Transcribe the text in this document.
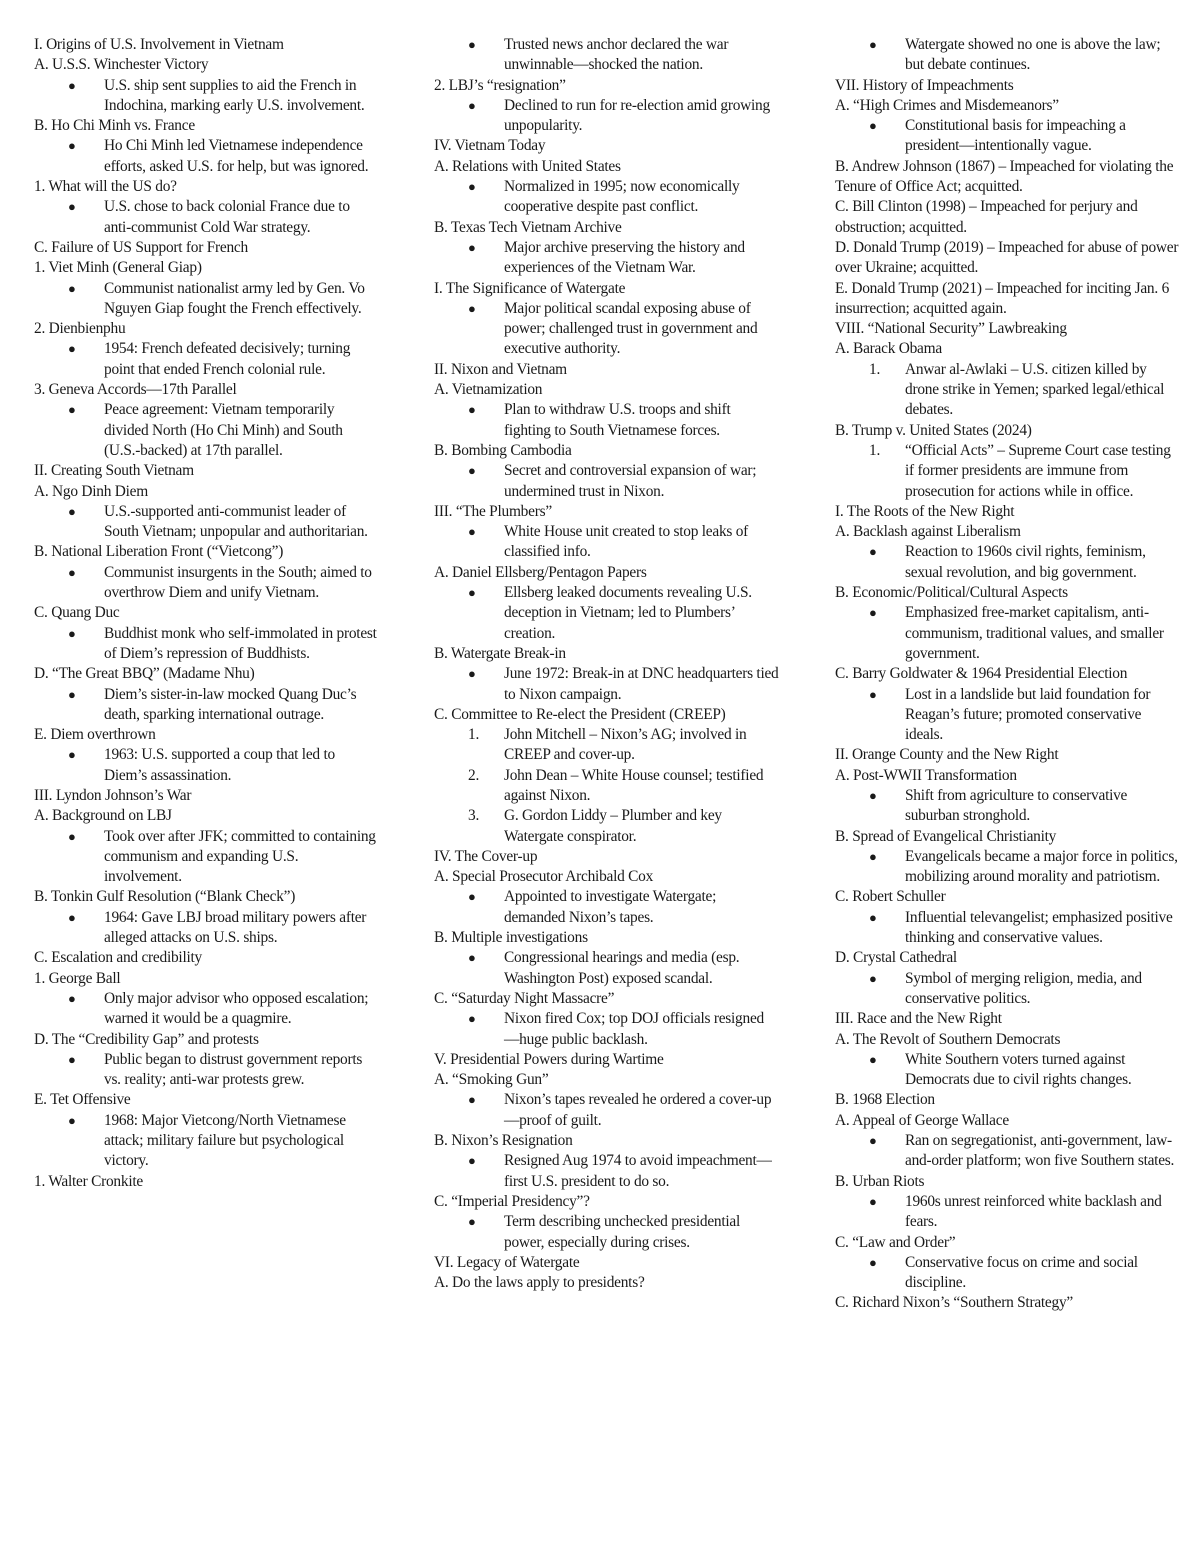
I. Origins of U.S. Involvement in Vietnam
A. U.S.S. Winchester Victory
● U.S. ship sent supplies to aid the French in Indochina, marking early U.S. involvement.
B. Ho Chi Minh vs. France
● Ho Chi Minh led Vietnamese independence efforts, asked U.S. for help, but was ignored.
1. What will the US do?
● U.S. chose to back colonial France due to anti-communist Cold War strategy.
C. Failure of US Support for French
1. Viet Minh (General Giap)
● Communist nationalist army led by Gen. Vo Nguyen Giap fought the French effectively.
2. Dienbienphu
● 1954: French defeated decisively; turning point that ended French colonial rule.
3. Geneva Accords—17th Parallel
● Peace agreement: Vietnam temporarily divided North (Ho Chi Minh) and South (U.S.-backed) at 17th parallel.
II. Creating South Vietnam
A. Ngo Dinh Diem
● U.S.-supported anti-communist leader of South Vietnam; unpopular and authoritarian.
B. National Liberation Front (“Vietcong”)
● Communist insurgents in the South; aimed to overthrow Diem and unify Vietnam.
C. Quang Duc
● Buddhist monk who self-immolated in protest of Diem’s repression of Buddhists.
D. “The Great BBQ” (Madame Nhu)
● Diem’s sister-in-law mocked Quang Duc’s death, sparking international outrage.
E. Diem overthrown
● 1963: U.S. supported a coup that led to Diem’s assassination.
III. Lyndon Johnson’s War
A. Background on LBJ
● Took over after JFK; committed to containing communism and expanding U.S. involvement.
B. Tonkin Gulf Resolution (“Blank Check”)
● 1964: Gave LBJ broad military powers after alleged attacks on U.S. ships.
C. Escalation and credibility
1. George Ball
● Only major advisor who opposed escalation; warned it would be a quagmire.
D. The “Credibility Gap” and protests
● Public began to distrust government reports vs. reality; anti-war protests grew.
E. Tet Offensive
● 1968: Major Vietcong/North Vietnamese attack; military failure but psychological victory.
1. Walter Cronkite
● Trusted news anchor declared the war unwinnable—shocked the nation.
2. LBJ’s “resignation”
● Declined to run for re-election amid growing unpopularity.
IV. Vietnam Today
A. Relations with United States
● Normalized in 1995; now economically cooperative despite past conflict.
B. Texas Tech Vietnam Archive
● Major archive preserving the history and experiences of the Vietnam War.
I. The Significance of Watergate
● Major political scandal exposing abuse of power; challenged trust in government and executive authority.
II. Nixon and Vietnam
A. Vietnamization
● Plan to withdraw U.S. troops and shift fighting to South Vietnamese forces.
B. Bombing Cambodia
● Secret and controversial expansion of war; undermined trust in Nixon.
III. “The Plumbers”
● White House unit created to stop leaks of classified info.
A. Daniel Ellsberg/Pentagon Papers
● Ellsberg leaked documents revealing U.S. deception in Vietnam; led to Plumbers’ creation.
B. Watergate Break-in
● June 1972: Break-in at DNC headquarters tied to Nixon campaign.
C. Committee to Re-elect the President (CREEP)
1. John Mitchell – Nixon’s AG; involved in CREEP and cover-up.
2. John Dean – White House counsel; testified against Nixon.
3. G. Gordon Liddy – Plumber and key Watergate conspirator.
IV. The Cover-up
A. Special Prosecutor Archibald Cox
● Appointed to investigate Watergate; demanded Nixon’s tapes.
B. Multiple investigations
● Congressional hearings and media (esp. Washington Post) exposed scandal.
C. “Saturday Night Massacre”
● Nixon fired Cox; top DOJ officials resigned—huge public backlash.
V. Presidential Powers during Wartime
A. “Smoking Gun”
● Nixon’s tapes revealed he ordered a cover-up—proof of guilt.
B. Nixon’s Resignation
● Resigned Aug 1974 to avoid impeachment—first U.S. president to do so.
C. “Imperial Presidency”?
● Term describing unchecked presidential power, especially during crises.
VI. Legacy of Watergate
A. Do the laws apply to presidents?
● Watergate showed no one is above the law; but debate continues.
VII. History of Impeachments
A. “High Crimes and Misdemeanors”
● Constitutional basis for impeaching a president—intentionally vague.
B. Andrew Johnson (1867) – Impeached for violating the Tenure of Office Act; acquitted.
C. Bill Clinton (1998) – Impeached for perjury and obstruction; acquitted.
D. Donald Trump (2019) – Impeached for abuse of power over Ukraine; acquitted.
E. Donald Trump (2021) – Impeached for inciting Jan. 6 insurrection; acquitted again.
VIII. “National Security” Lawbreaking
A. Barack Obama
1. Anwar al-Awlaki – U.S. citizen killed by drone strike in Yemen; sparked legal/ethical debates.
B. Trump v. United States (2024)
1. “Official Acts” – Supreme Court case testing if former presidents are immune from prosecution for actions while in office.
I. The Roots of the New Right
A. Backlash against Liberalism
● Reaction to 1960s civil rights, feminism, sexual revolution, and big government.
B. Economic/Political/Cultural Aspects
● Emphasized free-market capitalism, anti-communism, traditional values, and smaller government.
C. Barry Goldwater & 1964 Presidential Election
● Lost in a landslide but laid foundation for Reagan’s future; promoted conservative ideals.
II. Orange County and the New Right
A. Post-WWII Transformation
● Shift from agriculture to conservative suburban stronghold.
B. Spread of Evangelical Christianity
● Evangelicals became a major force in politics, mobilizing around morality and patriotism.
C. Robert Schuller
● Influential televangelist; emphasized positive thinking and conservative values.
D. Crystal Cathedral
● Symbol of merging religion, media, and conservative politics.
III. Race and the New Right
A. The Revolt of Southern Democrats
● White Southern voters turned against Democrats due to civil rights changes.
B. 1968 Election
A. Appeal of George Wallace
● Ran on segregationist, anti-government, law-and-order platform; won five Southern states.
B. Urban Riots
● 1960s unrest reinforced white backlash and fears.
C. “Law and Order”
● Conservative focus on crime and social discipline.
C. Richard Nixon’s “Southern Strategy”
